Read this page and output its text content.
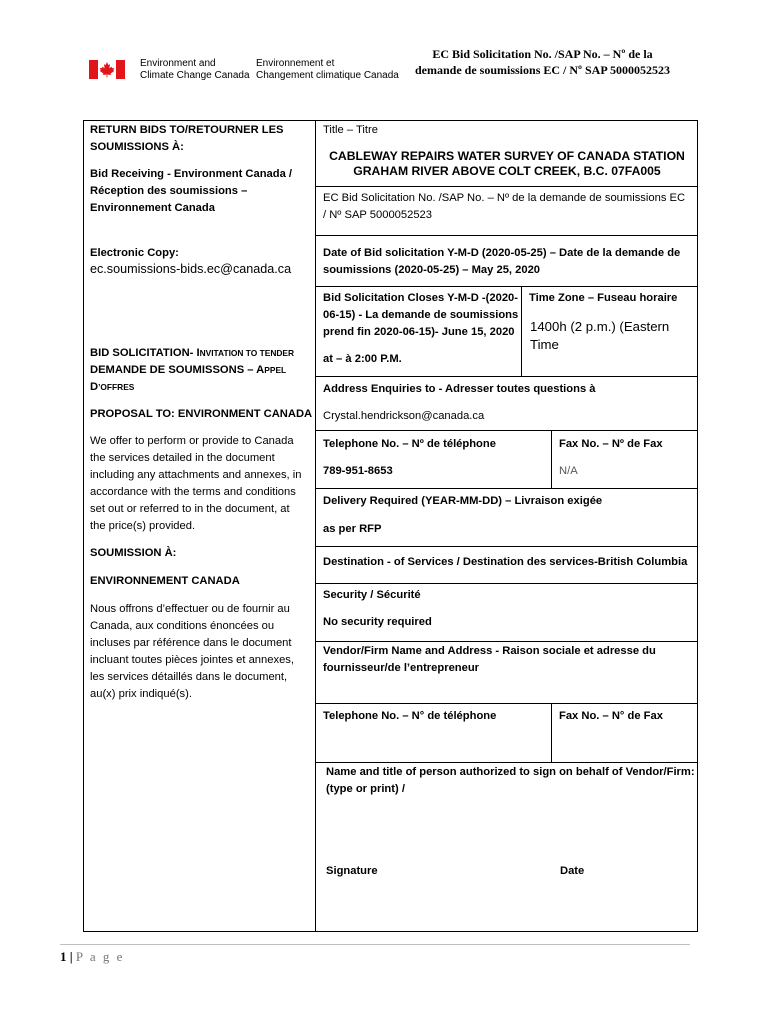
Environment and
Climate Change Canada
Environnement et
Changement climatique Canada
EC Bid Solicitation No. /SAP No. – Nº de la
demande de soumissions EC / Nº SAP 5000052523
RETURN BIDS TO/RETOURNER LES
SOUMISSIONS À:
Bid Receiving - Environment Canada /
Réception des soumissions –
Environnement Canada
Electronic Copy:
ec.soumissions-bids.ec@canada.ca
BID SOLICITATION- INVITATION TO TENDER
DEMANDE DE SOUMISSONS – APPEL
D’OFFRES
PROPOSAL TO: ENVIRONMENT CANADA
We offer to perform or provide to Canada
the services detailed in the document
including any attachments and annexes, in
accordance with the terms and conditions
set out or referred to in the document, at
the price(s) provided.
SOUMISSION À:
ENVIRONNEMENT CANADA
Nous offrons d’effectuer ou de fournir au
Canada, aux conditions énoncées ou
incluses par référence dans le document
incluant toutes pièces jointes et annexes,
les services détaillés dans le document,
au(x) prix indiqué(s).
Title – Titre
CABLEWAY REPAIRS WATER SURVEY OF CANADA STATION
GRAHAM RIVER ABOVE COLT CREEK, B.C. 07FA005
EC Bid Solicitation No. /SAP No. – Nº de la demande de soumissions EC
/ Nº SAP 5000052523
Date of Bid solicitation Y-M-D (2020-05-25) – Date de la demande de
soumissions (2020-05-25) – May 25, 2020
Bid Solicitation Closes Y-M-D -(2020-
06-15) - La demande de soumissions
prend fin 2020-06-15)- June 15, 2020
at – à 2:00 P.M.
Time Zone – Fuseau horaire
1400h (2 p.m.) (Eastern
Time
Address Enquiries to - Adresser toutes questions à
Crystal.hendrickson@canada.ca
Telephone No. – Nº de téléphone	Fax No. – Nº de Fax
789-951-8653	N/A
Delivery Required (YEAR-MM-DD) – Livraison exigée
as per RFP
Destination - of Services / Destination des services-British Columbia
Security / Sécurité
No security required
Vendor/Firm Name and Address - Raison sociale et adresse du
fournisseur/de l’entrepreneur
Telephone No. – N° de téléphone	Fax No. – N° de Fax
Name and title of person authorized to sign on behalf of Vendor/Firm:
(type or print) /
Signature	Date
1 | P a g e
